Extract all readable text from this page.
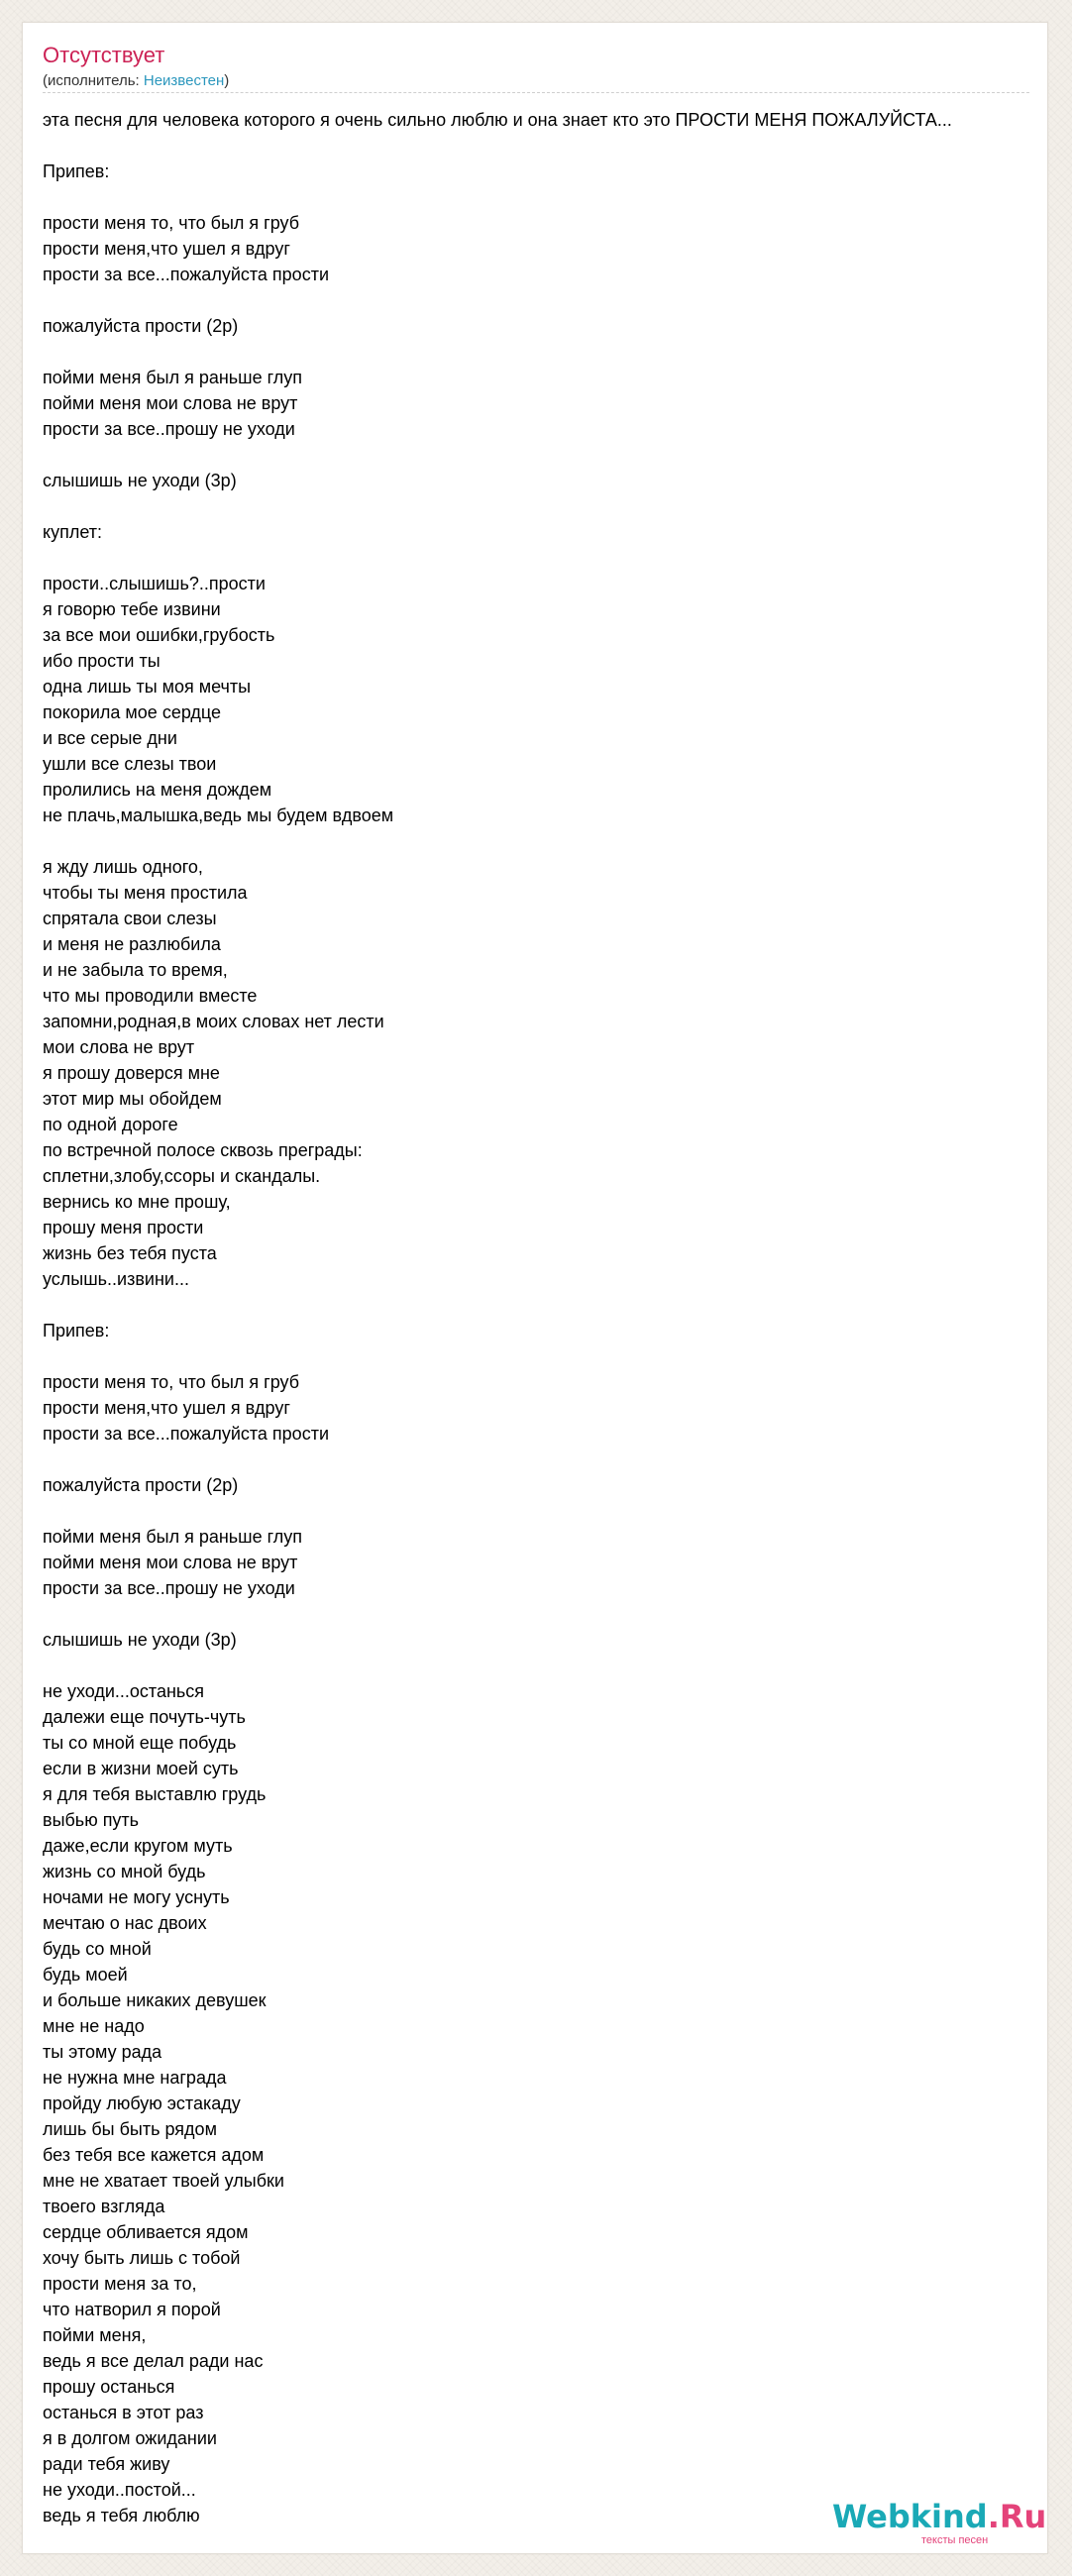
Отсутствует
(исполнитель: Неизвестен)
эта песня для человека которого я очень сильно люблю и она знает кто это ПРОСТИ МЕНЯ ПОЖАЛУЙСТА...
Припев:
прости меня то, что был я груб
прости меня,что ушел я вдруг
прости за все...пожалуйста прости
пожалуйста прости (2р)
пойми меня был я раньше глуп
пойми меня мои слова не врут
прости за все..прошу не уходи
слышишь не уходи (3р)
куплет:
прости..слышишь?..прости
я говорю тебе извини
за все мои ошибки,грубость
ибо прости ты
одна лишь ты моя мечты
покорила мое сердце
и все серые дни
ушли все слезы твои
пролились на меня дождем
не плачь,малышка,ведь мы будем вдвоем
я жду лишь одного,
чтобы ты меня простила
спрятала свои слезы
и меня не разлюбила
и не забыла то время,
что мы проводили вместе
запомни,родная,в моих словах нет лести
мои слова не врут
я прошу доверся мне
этот мир мы обойдем
по одной дороге
по встречной полосе сквозь преграды:
сплетни,злобу,ссоры и скандалы.
вернись ко мне прошу,
прошу меня прости
жизнь без тебя пуста
услышь..извини...
Припев:
прости меня то, что был я груб
прости меня,что ушел я вдруг
прости за все...пожалуйста прости
пожалуйста прости (2р)
пойми меня был я раньше глуп
пойми меня мои слова не врут
прости за все..прошу не уходи
слышишь не уходи (3р)
не уходи...останься
далежи еще почуть-чуть
ты со мной еще побудь
если в жизни моей суть
я для тебя выставлю грудь
выбью путь
даже,если кругом муть
жизнь со мной будь
ночами не могу уснуть
мечтаю о нас двоих
будь со мной
будь моей
и больше никаких девушек
мне не надо
ты этому рада
не нужна мне награда
пройду любую эстакаду
лишь бы быть рядом
без тебя все кажется адом
мне не хватает твоей улыбки
твоего взгляда
сердце обливается ядом
хочу быть лишь с тобой
прости меня за то,
что натворил я порой
пойми меня,
ведь я все делал ради нас
прошу останься
останься в этот раз
я в долгом ожидании
ради тебя живу
не уходи..постой...
ведь я тебя люблю	Webkind.Ru
тексты песен
